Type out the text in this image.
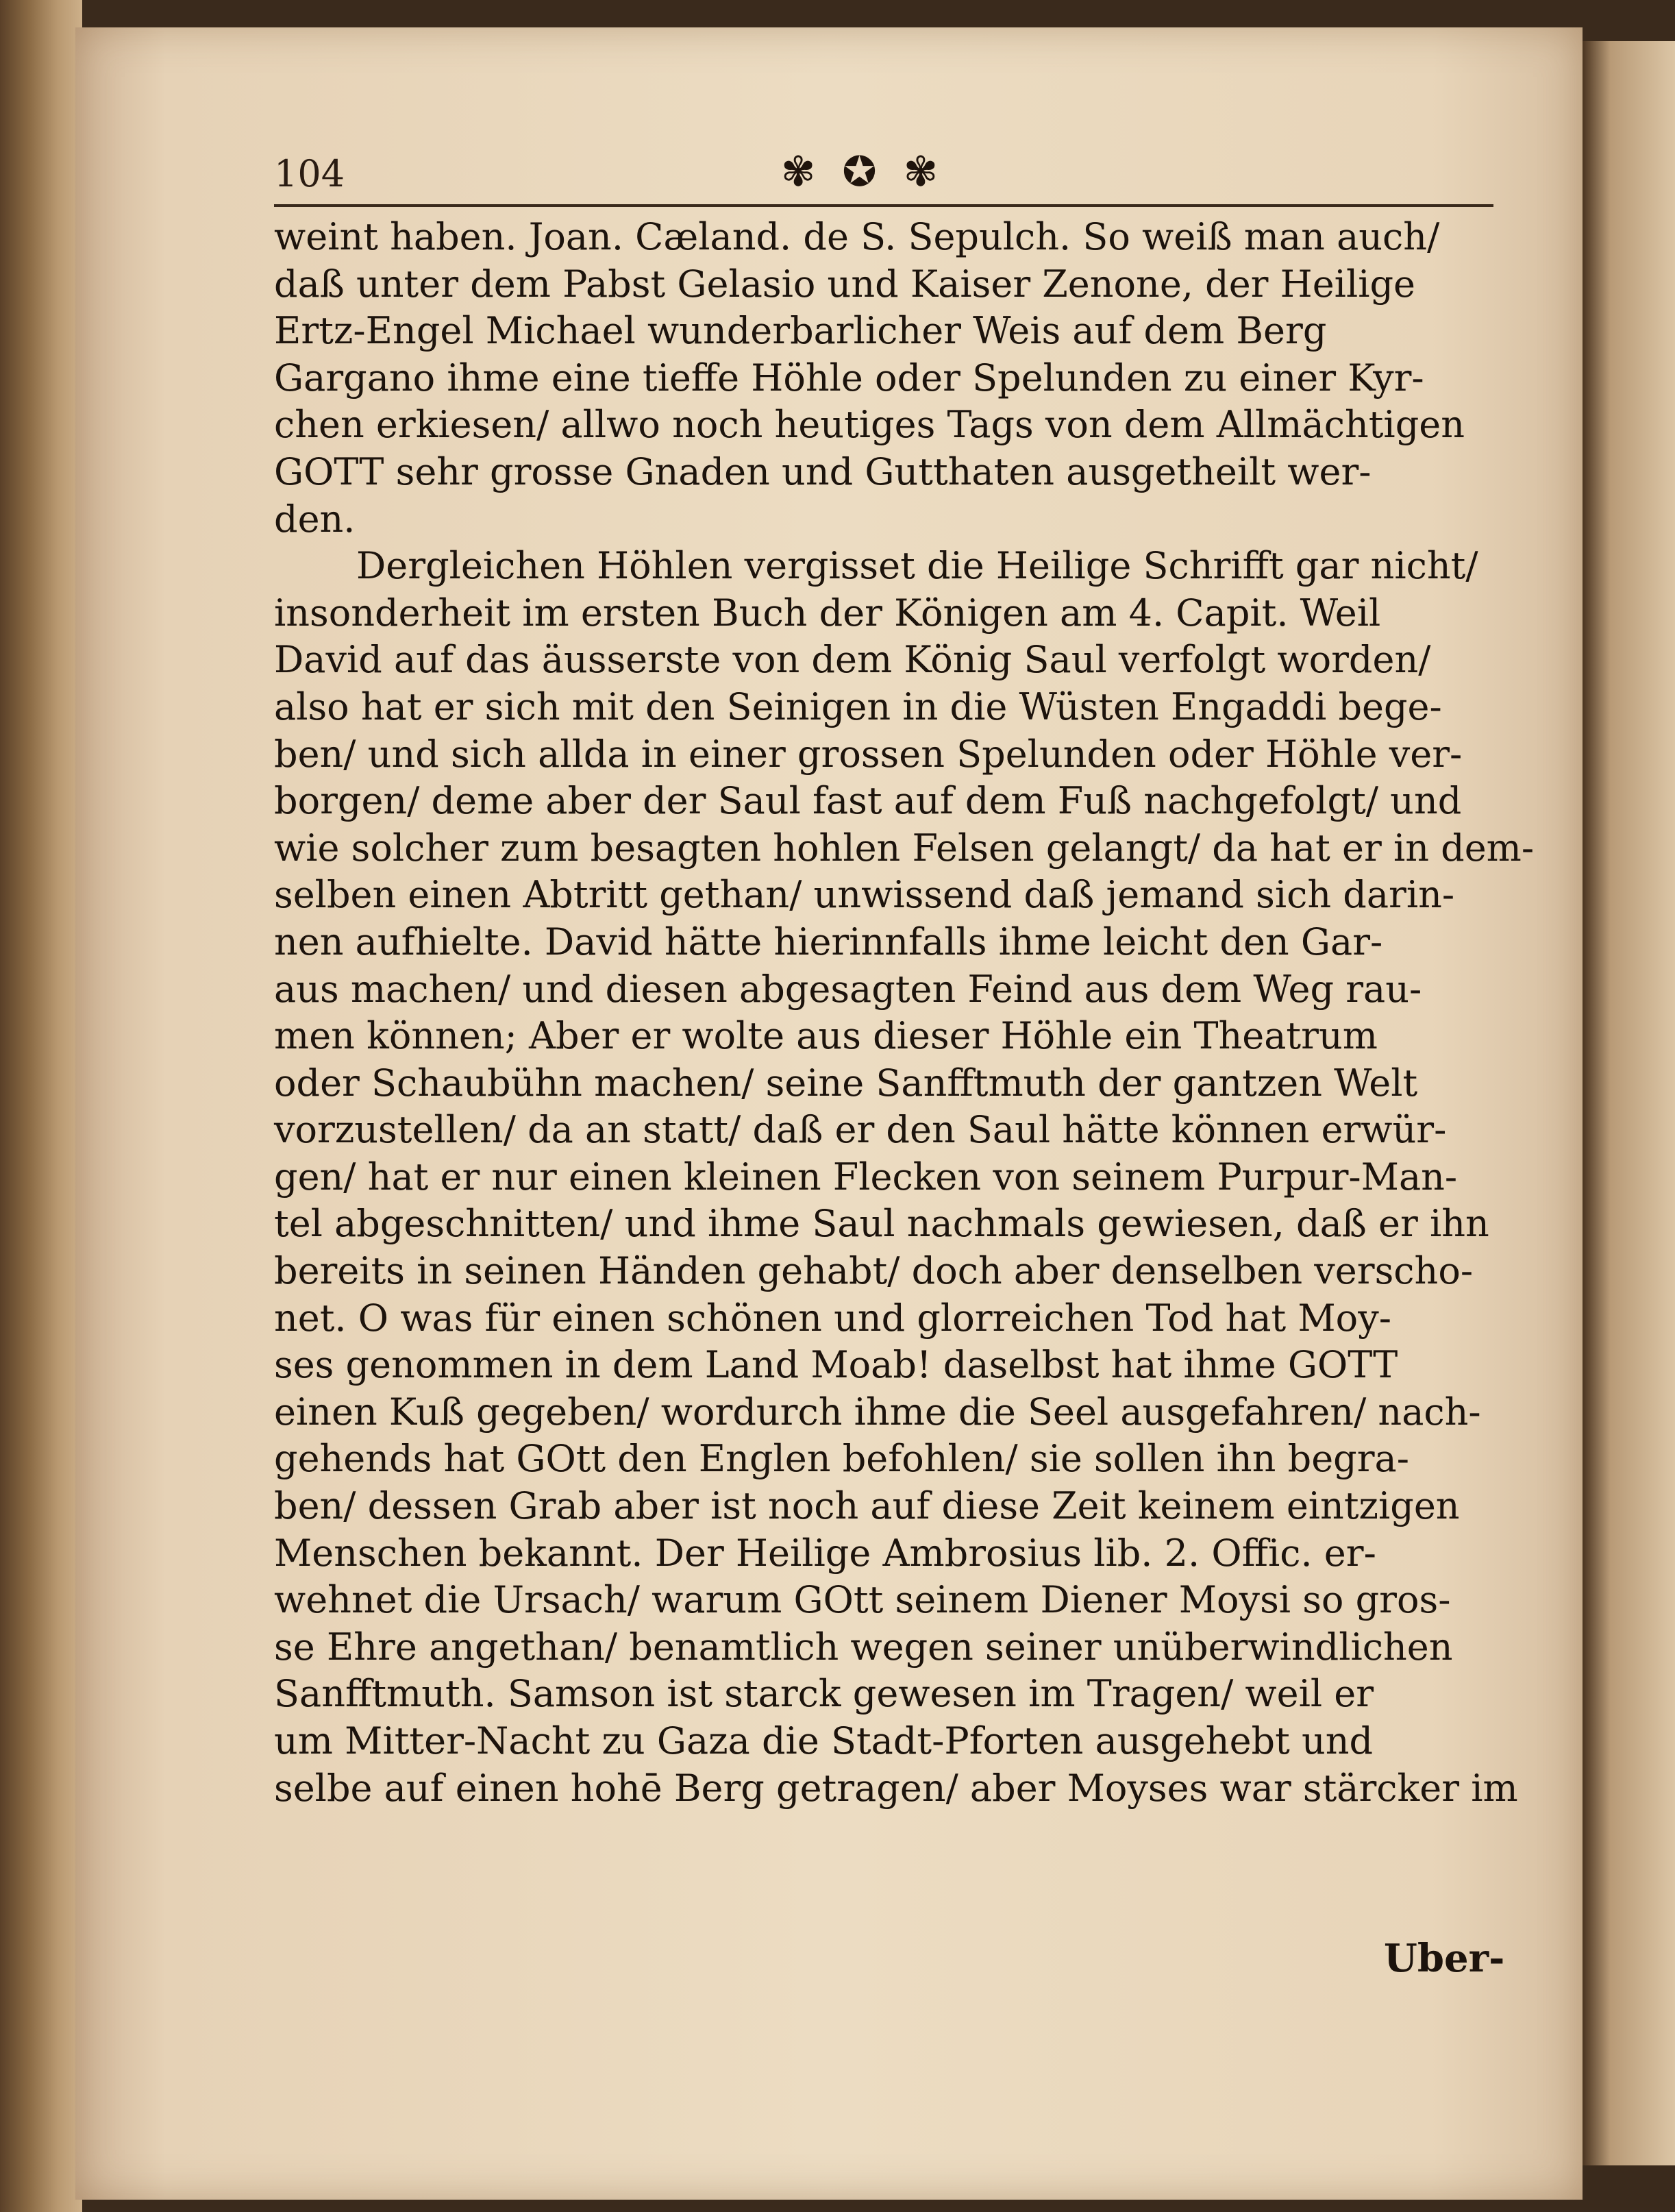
104	✾ ✪ ✾
weint haben. Joan. Cæland. de S. Sepulch. So weiß man auch/
daß unter dem Pabst Gelasio und Kaiser Zenone, der Heilige
Ertz-Engel Michael wunderbarlicher Weis auf dem Berg
Gargano ihme eine tieffe Höhle oder Spelunden zu einer Kyr-
chen erkiesen/ allwo noch heutiges Tags von dem Allmächtigen
GOTT sehr grosse Gnaden und Gutthaten ausgetheilt wer-
den.
Dergleichen Höhlen vergisset die Heilige Schrifft gar nicht/
insonderheit im ersten Buch der Königen am 4. Capit. Weil
David auf das äusserste von dem König Saul verfolgt worden/
also hat er sich mit den Seinigen in die Wüsten Engaddi bege-
ben/ und sich allda in einer grossen Spelunden oder Höhle ver-
borgen/ deme aber der Saul fast auf dem Fuß nachgefolgt/ und
wie solcher zum besagten hohlen Felsen gelangt/ da hat er in dem-
selben einen Abtritt gethan/ unwissend daß jemand sich darin-
nen aufhielte. David hätte hierinnfalls ihme leicht den Gar-
aus machen/ und diesen abgesagten Feind aus dem Weg rau-
men können; Aber er wolte aus dieser Höhle ein Theatrum
oder Schaubühn machen/ seine Sanfftmuth der gantzen Welt
vorzustellen/ da an statt/ daß er den Saul hätte können erwür-
gen/ hat er nur einen kleinen Flecken von seinem Purpur-Man-
tel abgeschnitten/ und ihme Saul nachmals gewiesen, daß er ihn
bereits in seinen Händen gehabt/ doch aber denselben verscho-
net. O was für einen schönen und glorreichen Tod hat Moy-
ses genommen in dem Land Moab! daselbst hat ihme GOTT
einen Kuß gegeben/ wordurch ihme die Seel ausgefahren/ nach-
gehends hat GOtt den Englen befohlen/ sie sollen ihn begra-
ben/ dessen Grab aber ist noch auf diese Zeit keinem eintzigen
Menschen bekannt. Der Heilige Ambrosius lib. 2. Offic. er-
wehnet die Ursach/ warum GOtt seinem Diener Moysi so gros-
se Ehre angethan/ benamtlich wegen seiner unüberwindlichen
Sanfftmuth. Samson ist starck gewesen im Tragen/ weil er
um Mitter-Nacht zu Gaza die Stadt-Pforten ausgehebt und
selbe auf einen hohē Berg getragen/ aber Moyses war stärcker im
Uber-
